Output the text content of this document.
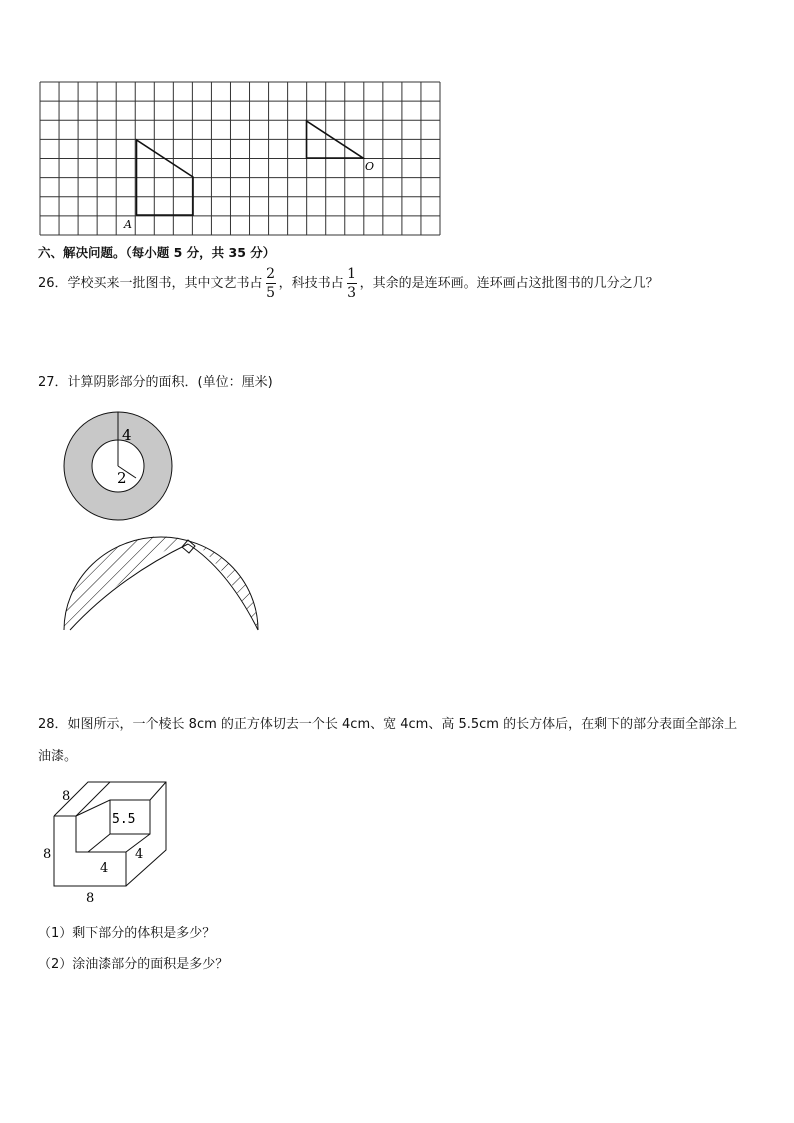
O
A
六、解决问题。（每小题 5 分，共 35 分）
26． 学校买来一批图书，其中文艺书占 $\frac{2}{5}$ ，科技书占 $\frac{1}{3}$ ，其余的是连环画。连环画占这批图书的几分之几？
27．计算阴影部分的面积．(单位：厘米)
4
2
28．如图所示，一个棱长 8cm 的正方体切去一个长 4cm、宽 4cm、高 5.5cm 的长方体后，在剩下的部分表面全部涂上
油漆。
8
8
8
5.5
4
4
（1）剩下部分的体积是多少？
（2）涂油漆部分的面积是多少？
